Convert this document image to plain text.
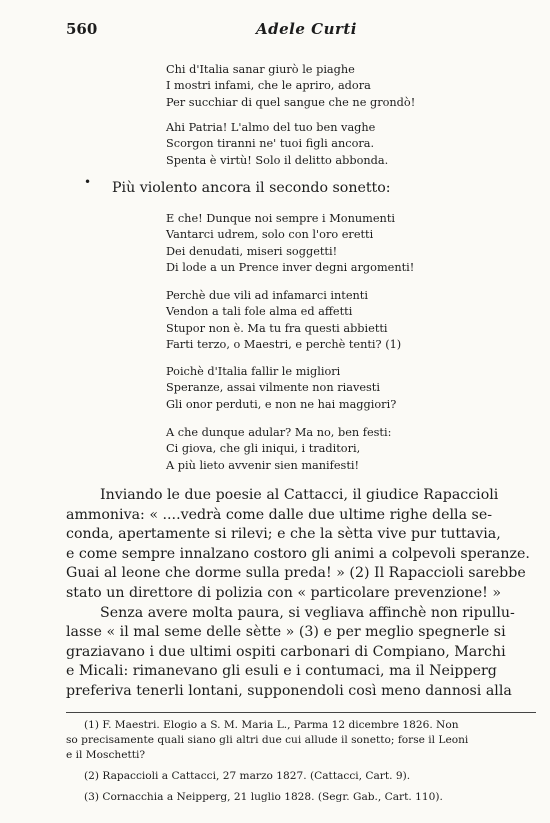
560	Adele Curti
Chi d'Italia sanar giurò le piaghe
I mostri infami, che le apriro, adora
Per succhiar di quel sangue che ne grondò!
Ahi Patria! L'almo del tuo ben vaghe
Scorgon tiranni ne' tuoi figli ancora.
Spenta è virtù! Solo il delitto abbonda.
• Più violento ancora il secondo sonetto:
E che! Dunque noi sempre i Monumenti
Vantarci udrem, solo con l'oro eretti
Dei denudati, miseri soggetti!
Di lode a un Prence inver degni argomenti!
Perchè due vili ad infamarci intenti
Vendon a tali fole alma ed affetti
Stupor non è. Ma tu fra questi abbietti
Farti terzo, o Maestri, e perchè tenti? (1)
Poichè d'Italia fallir le migliori
Speranze, assai vilmente non riavesti
Gli onor perduti, e non ne hai maggiori?
A che dunque adular? Ma no, ben festi:
Ci giova, che gli iniqui, i traditori,
A più lieto avvenir sien manifesti!
Inviando le due poesie al Cattacci, il giudice Rapaccioli
ammoniva: « ....vedrà come dalle due ultime righe della se-
conda, apertamente si rilevi; e che la sètta vive pur tuttavia,
e come sempre innalzano costoro gli animi a colpevoli speranze.
Guai al leone che dorme sulla preda! » (2) Il Rapaccioli sarebbe
stato un direttore di polizia con « particolare prevenzione! »
Senza avere molta paura, si vegliava affinchè non ripullu-
lasse « il mal seme delle sètte » (3) e per meglio spegnerle si
graziavano i due ultimi ospiti carbonari di Compiano, Marchi
e Micali: rimanevano gli esuli e i contumaci, ma il Neipperg
preferiva tenerli lontani, supponendoli così meno dannosi alla
(1) F. Maestri. Elogio a S. M. Maria L., Parma 12 dicembre 1826. Non
so precisamente quali siano gli altri due cui allude il sonetto; forse il Leoni
e il Moschetti?
(2) Rapaccioli a Cattacci, 27 marzo 1827. (Cattacci, Cart. 9).
(3) Cornacchia a Neipperg, 21 luglio 1828. (Segr. Gab., Cart. 110).
